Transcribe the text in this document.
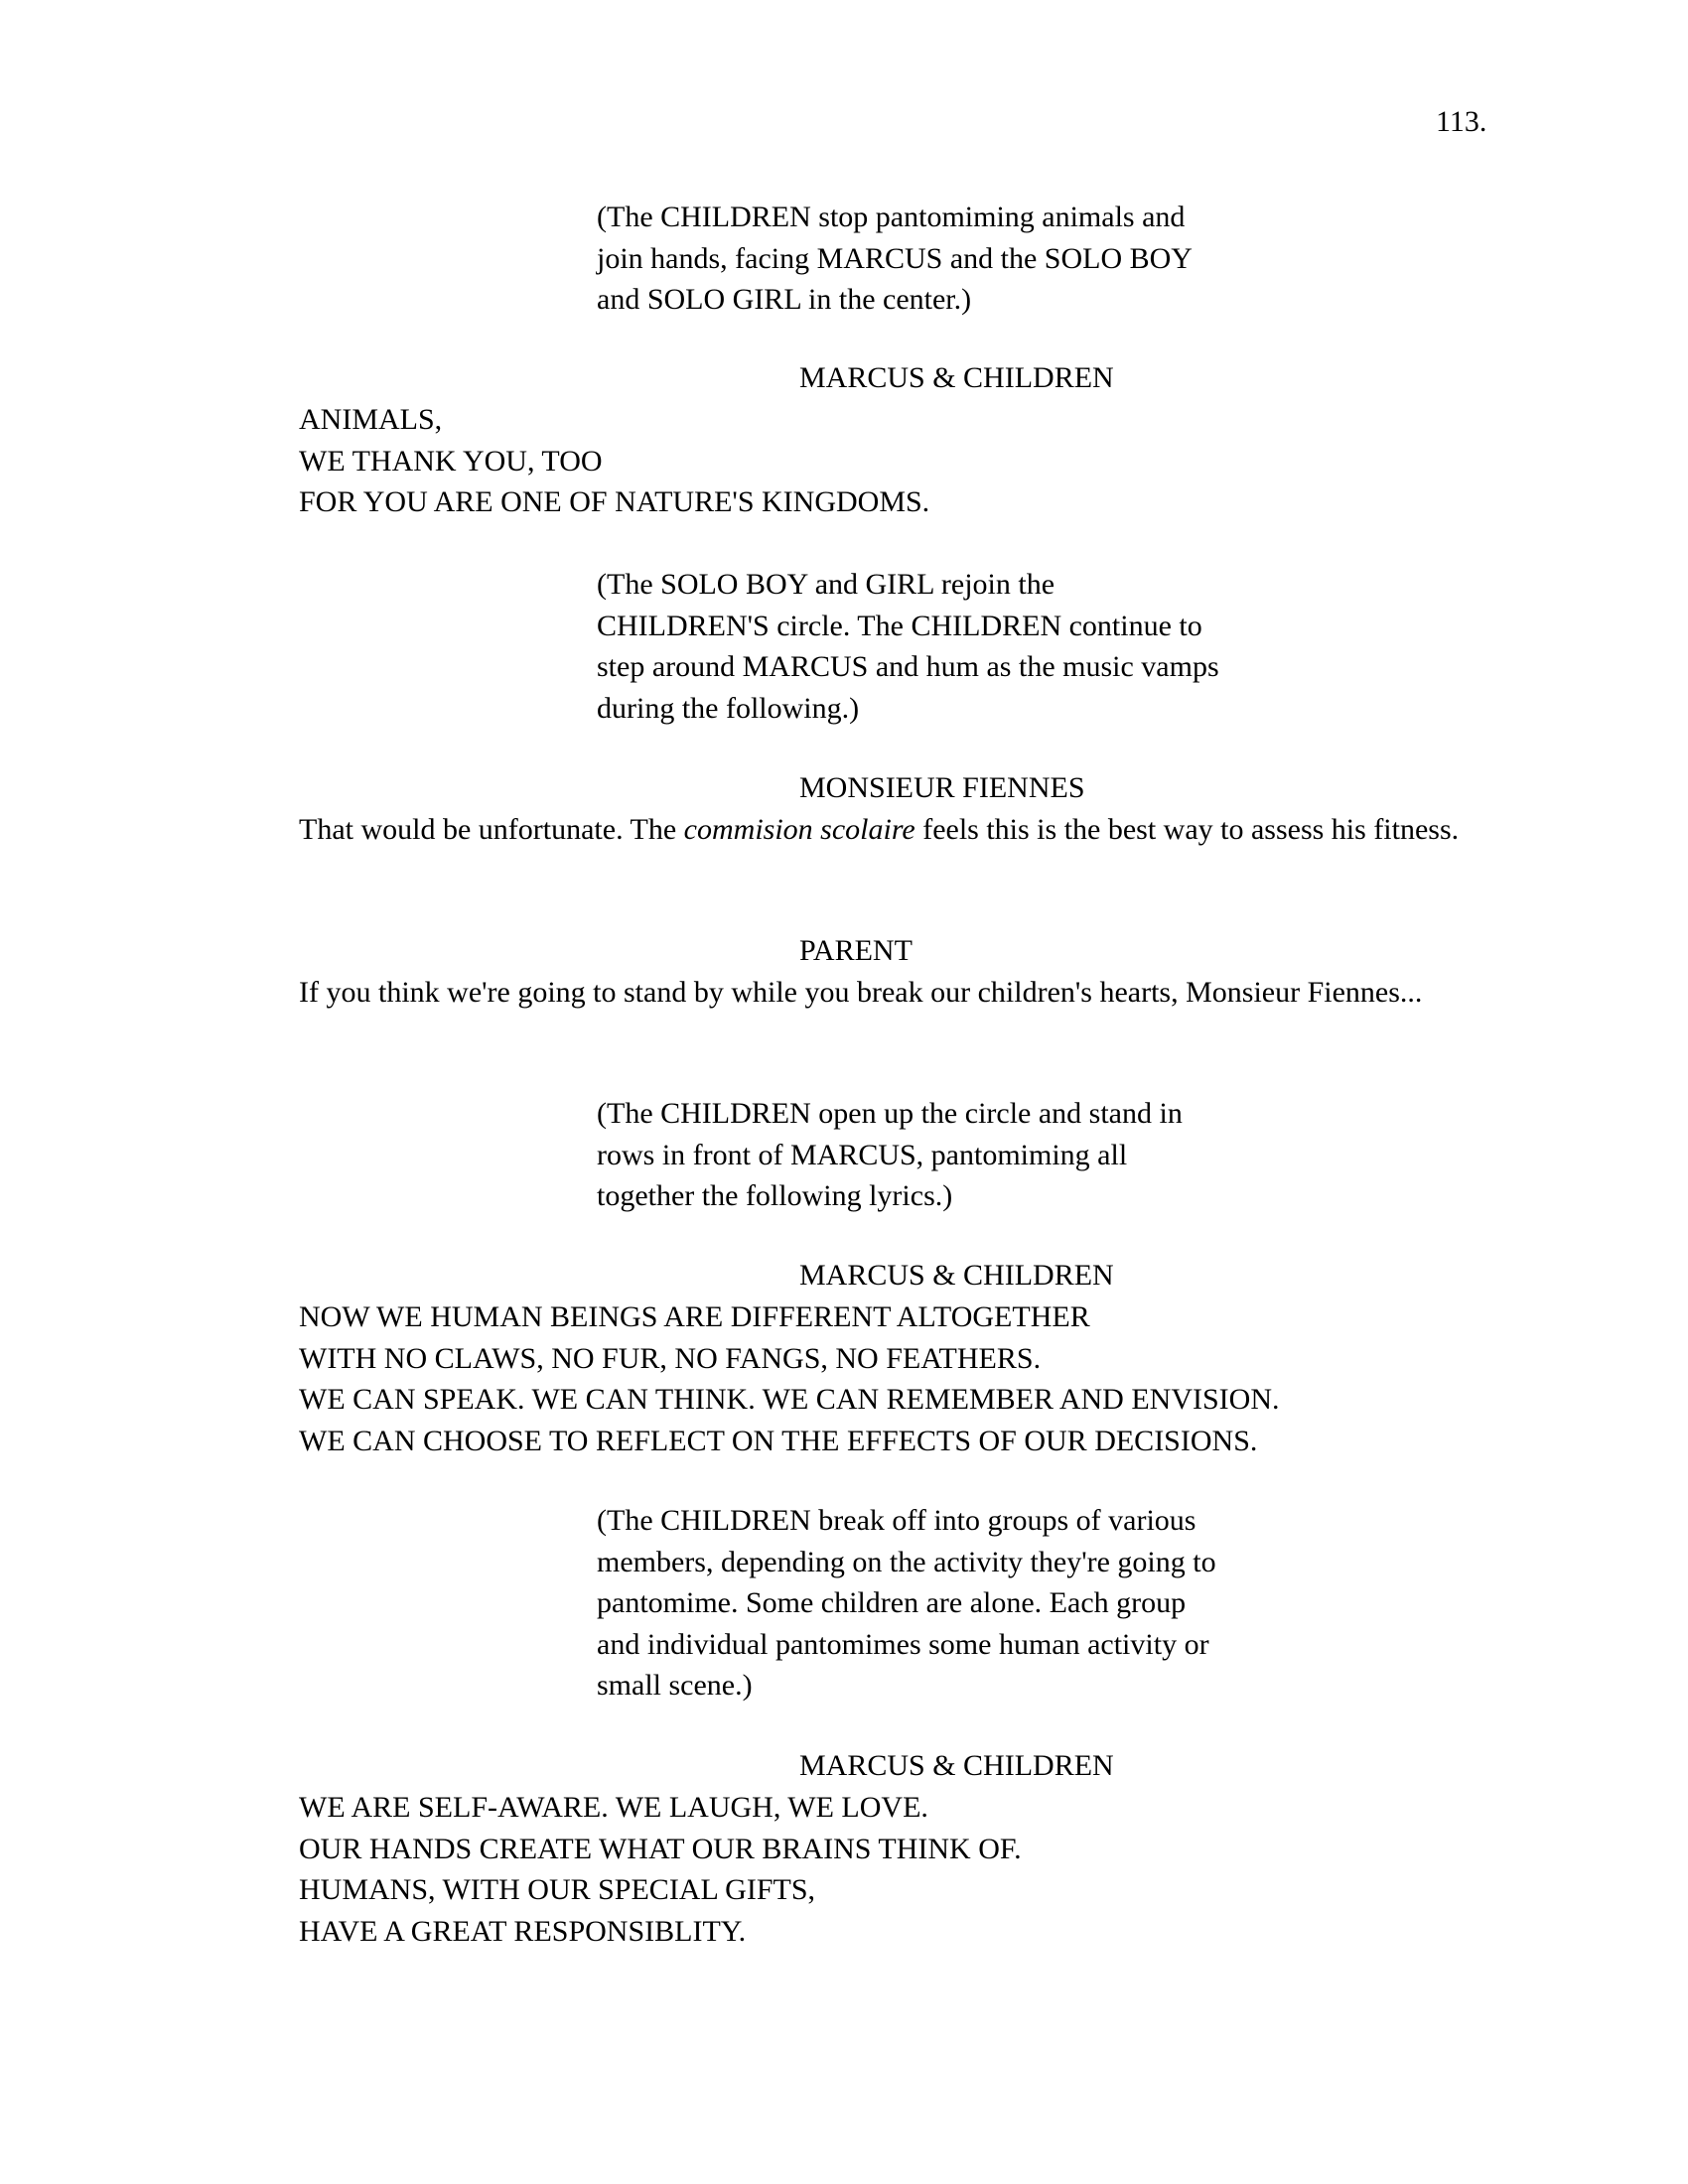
113.
(The CHILDREN stop pantomiming animals and
join hands, facing MARCUS and the SOLO BOY
and SOLO GIRL in the center.)
MARCUS & CHILDREN
ANIMALS,
WE THANK YOU, TOO
FOR YOU ARE ONE OF NATURE'S KINGDOMS.
(The SOLO BOY and GIRL rejoin the
CHILDREN'S circle. The CHILDREN continue to
step around MARCUS and hum as the music vamps
during the following.)
MONSIEUR FIENNES
That would be unfortunate. The commision scolaire feels this is the best way to assess his fitness.
PARENT
If you think we're going to stand by while you break our children's hearts, Monsieur Fiennes...
(The CHILDREN open up the circle and stand in
rows in front of MARCUS, pantomiming all
together the following lyrics.)
MARCUS & CHILDREN
NOW WE HUMAN BEINGS ARE DIFFERENT ALTOGETHER
WITH NO CLAWS, NO FUR, NO FANGS, NO FEATHERS.
WE CAN SPEAK. WE CAN THINK. WE CAN REMEMBER AND ENVISION.
WE CAN CHOOSE TO REFLECT ON THE EFFECTS OF OUR DECISIONS.
(The CHILDREN break off into groups of various
members, depending on the activity they're going to
pantomime. Some children are alone. Each group
and individual pantomimes some human activity or
small scene.)
MARCUS & CHILDREN
WE ARE SELF-AWARE. WE LAUGH, WE LOVE.
OUR HANDS CREATE WHAT OUR BRAINS THINK OF.
HUMANS, WITH OUR SPECIAL GIFTS,
HAVE A GREAT RESPONSIBLITY.
